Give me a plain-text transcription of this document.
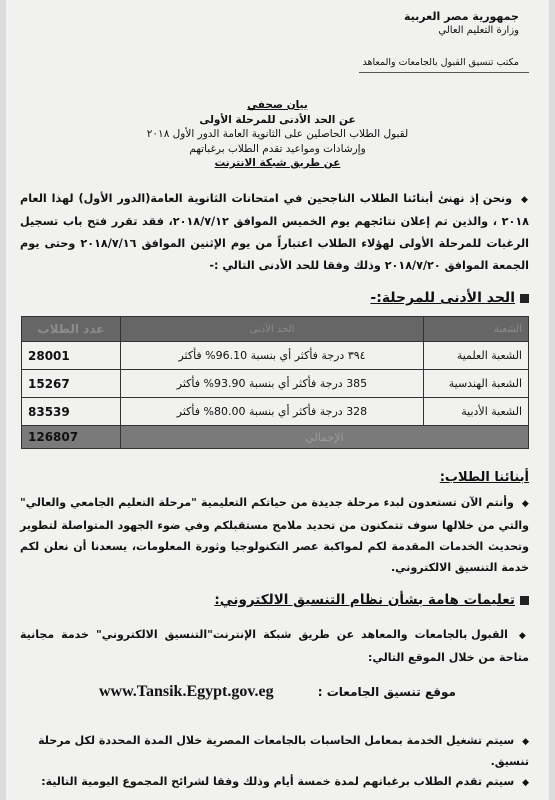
جمهورية مصر العربية
وزارة التعليم العالي
مكتب تنسيق القبول بالجامعات والمعاهد
بيان صحفي
عن الحد الأدنى للمرحلة الأولى
لقبول الطلاب الحاصلين على الثانوية العامة الدور الأول ٢٠١٨
وإرشادات ومواعيد تقدم الطلاب برغباتهم
عن طريق شبكة الانترنت
◆ ونحن إذ نهنئ أبنائنا الطلاب الناجحين في امتحانات الثانوية العامة(الدور الأول) لهذا العام ٢٠١٨ ، والذين تم إعلان نتائجهم يوم الخميس الموافق ٢٠١٨/٧/١٢، فقد تقرر فتح باب تسجيل الرغبات للمرحلة الأولى لهؤلاء الطلاب اعتباراً من يوم الإثنين الموافق ٢٠١٨/٧/١٦ وحتى يوم الجمعة الموافق ٢٠١٨/٧/٢٠ وذلك وفقا للحد الأدنى التالي :-
الحد الأدنى للمرحلة:-
الشعبة	الحد الأدنى	عدد الطلاب
الشعبة العلمية	٣٩٤ درجة فأكثر أي بنسبة 96.10% فأكثر	28001
الشعبة الهندسية	385 درجة فأكثر أي بنسبة 93.90% فأكثر	15267
الشعبة الأدبية	328 درجة فأكثر أي بنسبة 80.00% فأكثر	83539
الإجمالي		126807
أبنائنا الطلاب:
◆ وأنتم الآن تستعدون لبدء مرحلة جديدة من حياتكم التعليمية "مرحلة التعليم الجامعي والعالي" والتي من خلالها سوف تتمكنون من تحديد ملامح مستقبلكم وفي ضوء الجهود المتواصلة لتطوير وتحديث الخدمات المقدمة لكم لمواكبة عصر التكنولوجيا وثورة المعلومات، يسعدنا أن نعلن لكم خدمة التنسيق الالكتروني.
تعليمات هامة بشأن نظام التنسيق الالكتروني:
◆ القبول بالجامعات والمعاهد عن طريق شبكة الإنترنت"التنسيق الالكتروني" خدمة مجانية متاحة من خلال الموقع التالي:
موقع تنسيق الجامعات : www.Tansik.Egypt.gov.eg
◆ سيتم تشغيل الخدمة بمعامل الحاسبات بالجامعات المصرية خلال المدة المحددة لكل مرحلة تنسيق.
◆ سيتم تقدم الطلاب برغباتهم لمدة خمسة أيام وذلك وفقا لشرائح المجموع اليومية التالية:
